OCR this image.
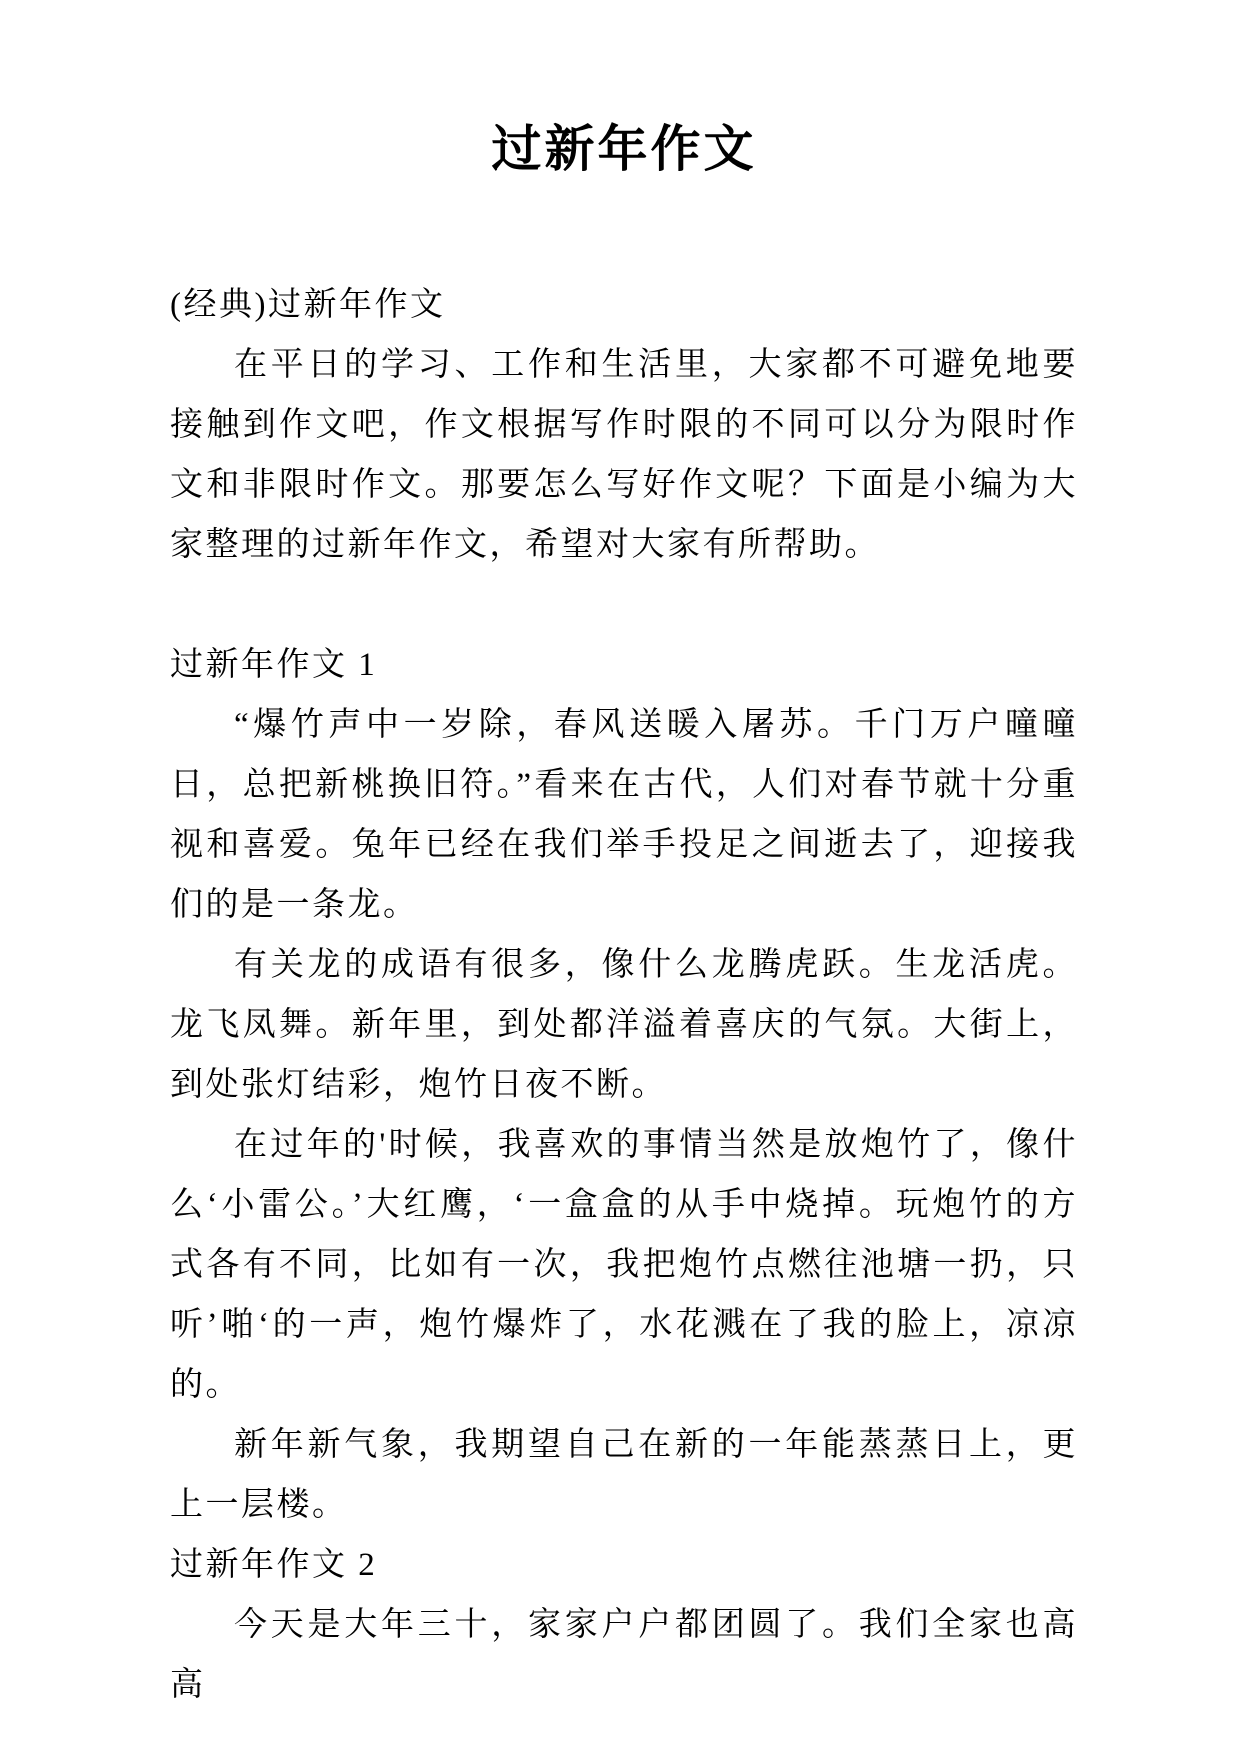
过新年作文

(经典)过新年作文

在平日的学习、工作和生活里，大家都不可避免地要接触到作文吧，作文根据写作时限的不同可以分为限时作文和非限时作文。那要怎么写好作文呢？下面是小编为大家整理的过新年作文，希望对大家有所帮助。

过新年作文 1

“爆竹声中一岁除，春风送暖入屠苏。千门万户曈曈日，总把新桃换旧符。”看来在古代，人们对春节就十分重视和喜爱。兔年已经在我们举手投足之间逝去了，迎接我们的是一条龙。

有关龙的成语有很多，像什么龙腾虎跃。生龙活虎。龙飞凤舞。新年里，到处都洋溢着喜庆的气氛。大街上，到处张灯结彩，炮竹日夜不断。

在过年的'时候，我喜欢的事情当然是放炮竹了，像什么‘小雷公。’大红鹰，‘一盒盒的从手中烧掉。玩炮竹的方式各有不同，比如有一次，我把炮竹点燃往池塘一扔，只听’啪‘的一声，炮竹爆炸了，水花溅在了我的脸上，凉凉的。

新年新气象，我期望自己在新的一年能蒸蒸日上，更上一层楼。

过新年作文 2

今天是大年三十，家家户户都团圆了。我们全家也高高
